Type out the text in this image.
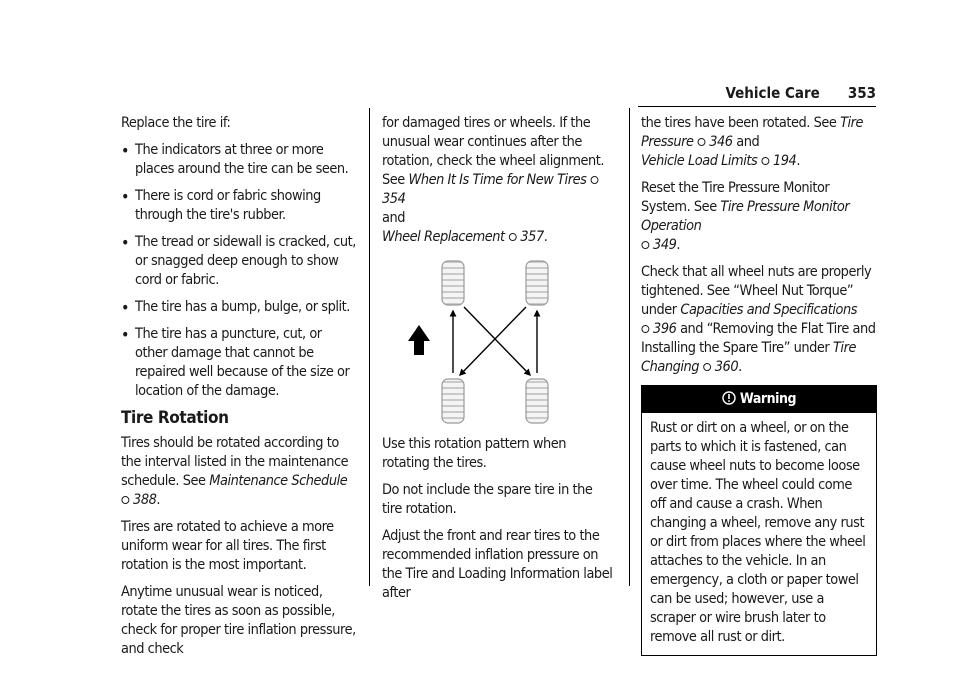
Vehicle Care 353

Replace the tire if:

• The indicators at three or more places around the tire can be seen.
• There is cord or fabric showing through the tire's rubber.
• The tread or sidewall is cracked, cut, or snagged deep enough to show cord or fabric.
• The tire has a bump, bulge, or split.
• The tire has a puncture, cut, or other damage that cannot be repaired well because of the size or location of the damage.
Tire Rotation

Tires should be rotated according to the interval listed in the maintenance schedule. See Maintenance Schedule
⭘ 388.

Tires are rotated to achieve a more uniform wear for all tires. The first rotation is the most important.

Anytime unusual wear is noticed, rotate the tires as soon as possible, check for proper tire inflation pressure, and check

for damaged tires or wheels. If the unusual wear continues after the rotation, check the wheel alignment. See When It Is Time for New Tires ⭘ 354
and
Wheel Replacement ⭘ 357.

Use this rotation pattern when rotating the tires.

Do not include the spare tire in the tire rotation.

Adjust the front and rear tires to the recommended inflation pressure on the Tire and Loading Information label after

the tires have been rotated. See Tire Pressure ⭘ 346 and
Vehicle Load Limits ⭘ 194.

Reset the Tire Pressure Monitor System. See Tire Pressure Monitor Operation
⭘ 349.

Check that all wheel nuts are properly tightened. See “Wheel Nut Torque” under Capacities and Specifications
⭘ 396 and “Removing the Flat Tire and Installing the Spare Tire” under Tire Changing ⭘ 360.

Warning
Rust or dirt on a wheel, or on the parts to which it is fastened, can cause wheel nuts to become loose over time. The wheel could come off and cause a crash. When changing a wheel, remove any rust or dirt from places where the wheel attaches to the vehicle. In an emergency, a cloth or paper towel can be used; however, use a scraper or wire brush later to remove all rust or dirt.
